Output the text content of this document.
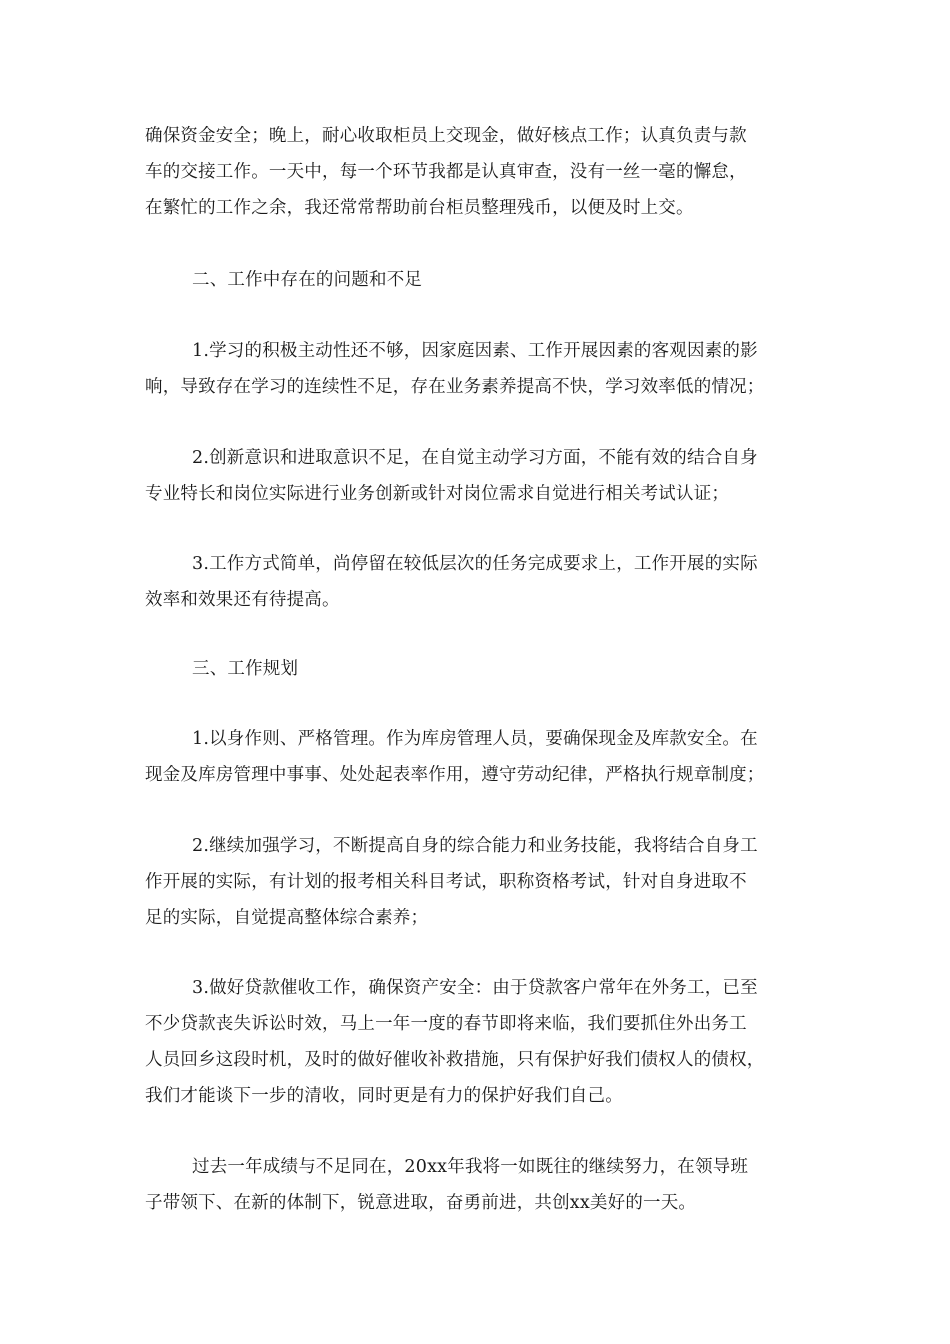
确保资金安全；晚上，耐心收取柜员上交现金，做好核点工作；认真负责与款
车的交接工作。一天中，每一个环节我都是认真审查，没有一丝一毫的懈怠，
在繁忙的工作之余，我还常常帮助前台柜员整理残币，以便及时上交。
二、工作中存在的问题和不足
1.学习的积极主动性还不够，因家庭因素、工作开展因素的客观因素的影
响，导致存在学习的连续性不足，存在业务素养提高不快，学习效率低的情况；
2.创新意识和进取意识不足，在自觉主动学习方面，不能有效的结合自身
专业特长和岗位实际进行业务创新或针对岗位需求自觉进行相关考试认证；
3.工作方式简单，尚停留在较低层次的任务完成要求上，工作开展的实际
效率和效果还有待提高。
三、工作规划
1.以身作则、严格管理。作为库房管理人员，要确保现金及库款安全。在
现金及库房管理中事事、处处起表率作用，遵守劳动纪律，严格执行规章制度；
2.继续加强学习，不断提高自身的综合能力和业务技能，我将结合自身工
作开展的实际，有计划的报考相关科目考试，职称资格考试，针对自身进取不
足的实际，自觉提高整体综合素养；
3.做好贷款催收工作，确保资产安全：由于贷款客户常年在外务工，已至
不少贷款丧失诉讼时效，马上一年一度的春节即将来临，我们要抓住外出务工
人员回乡这段时机，及时的做好催收补救措施，只有保护好我们债权人的债权，
我们才能谈下一步的清收，同时更是有力的保护好我们自己。
过去一年成绩与不足同在，20xx年我将一如既往的继续努力，在领导班
子带领下、在新的体制下，锐意进取，奋勇前进，共创xx美好的一天。
